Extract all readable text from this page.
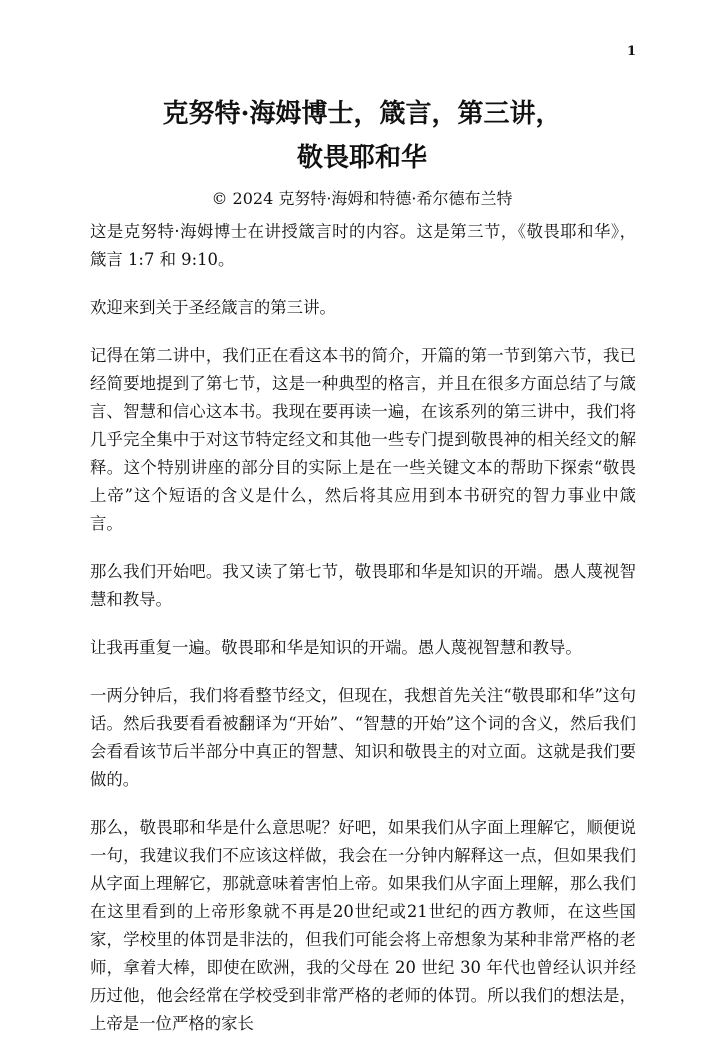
1
克努特·海姆博士，箴言，第三讲，
敬畏耶和华
© 2024 克努特·海姆和特德·希尔德布兰特

这是克努特·海姆博士在讲授箴言时的内容。这是第三节，《敬畏耶和华》，箴言 1:7 和 9:10。

欢迎来到关于圣经箴言的第三讲。

记得在第二讲中，我们正在看这本书的简介，开篇的第一节到第六节，我已经简要地提到了第七节，这是一种典型的格言，并且在很多方面总结了与箴言、智慧和信心这本书。我现在要再读一遍，在该系列的第三讲中，我们将几乎完全集中于对这节特定经文和其他一些专门提到敬畏神的相关经文的解释。这个特别讲座的部分目的实际上是在一些关键文本的帮助下探索“敬畏上帝”这个短语的含义是什么，然后将其应用到本书研究的智力事业中箴言。

那么我们开始吧。我又读了第七节，敬畏耶和华是知识的开端。愚人蔑视智慧和教导。

让我再重复一遍。敬畏耶和华是知识的开端。愚人蔑视智慧和教导。

一两分钟后，我们将看整节经文，但现在，我想首先关注“敬畏耶和华”这句话。然后我要看看被翻译为“开始”、“智慧的开始”这个词的含义，然后我们会看看该节后半部分中真正的智慧、知识和敬畏主的对立面。这就是我们要做的。

那么，敬畏耶和华是什么意思呢？好吧，如果我们从字面上理解它，顺便说一句，我建议我们不应该这样做，我会在一分钟内解释这一点，但如果我们从字面上理解它，那就意味着害怕上帝。如果我们从字面上理解，那么我们在这里看到的上帝形象就不再是20世纪或21世纪的西方教师，在这些国家，学校里的体罚是非法的，但我们可能会将上帝想象为某种非常严格的老师，拿着大棒，即使在欧洲，我的父母在 20 世纪 30 年代也曾经认识并经历过他，他会经常在学校受到非常严格的老师的体罚。所以我们的想法是，上帝是一位严格的家长
